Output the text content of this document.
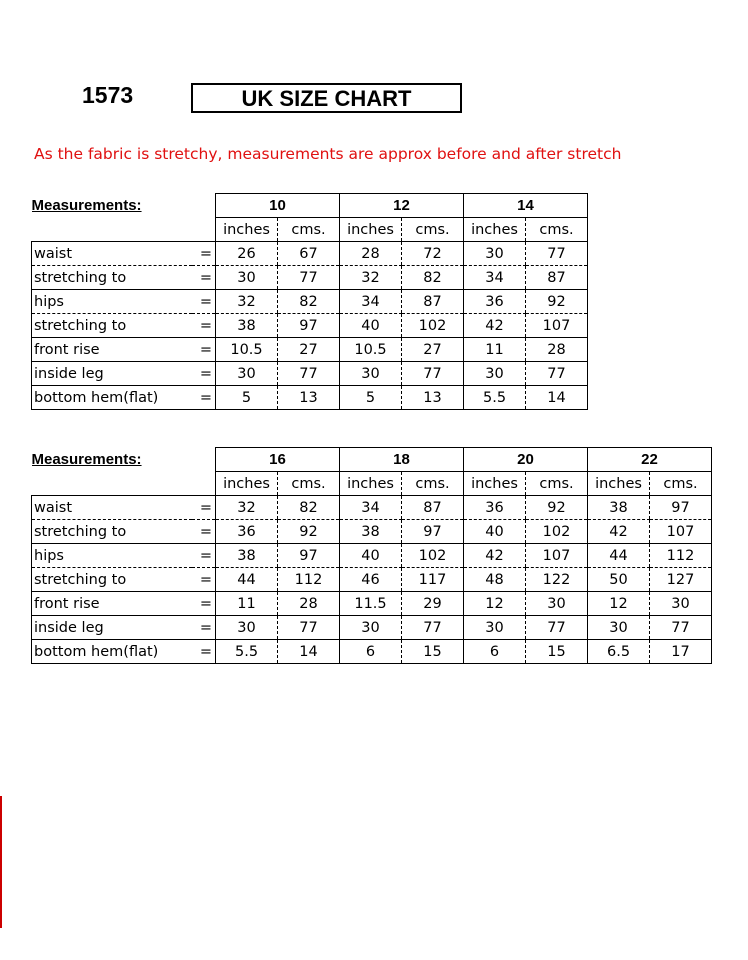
1573	UK SIZE CHART
As the fabric is stretchy, measurements are approx before and after stretch
Measurements:		10		12		14	
		inches	cms.	inches	cms.	inches	cms.
waist	=	26	67	28	72	30	77
stretching to	=	30	77	32	82	34	87
hips	=	32	82	34	87	36	92
stretching to	=	38	97	40	102	42	107
front rise	=	10.5	27	10.5	27	11	28
inside leg	=	30	77	30	77	30	77
bottom hem(flat)	=	5	13	5	13	5.5	14
Measurements:		16		18		20		22	
		inches	cms.	inches	cms.	inches	cms.	inches	cms.
waist	=	32	82	34	87	36	92	38	97
stretching to	=	36	92	38	97	40	102	42	107
hips	=	38	97	40	102	42	107	44	112
stretching to	=	44	112	46	117	48	122	50	127
front rise	=	11	28	11.5	29	12	30	12	30
inside leg	=	30	77	30	77	30	77	30	77
bottom hem(flat)	=	5.5	14	6	15	6	15	6.5	17
